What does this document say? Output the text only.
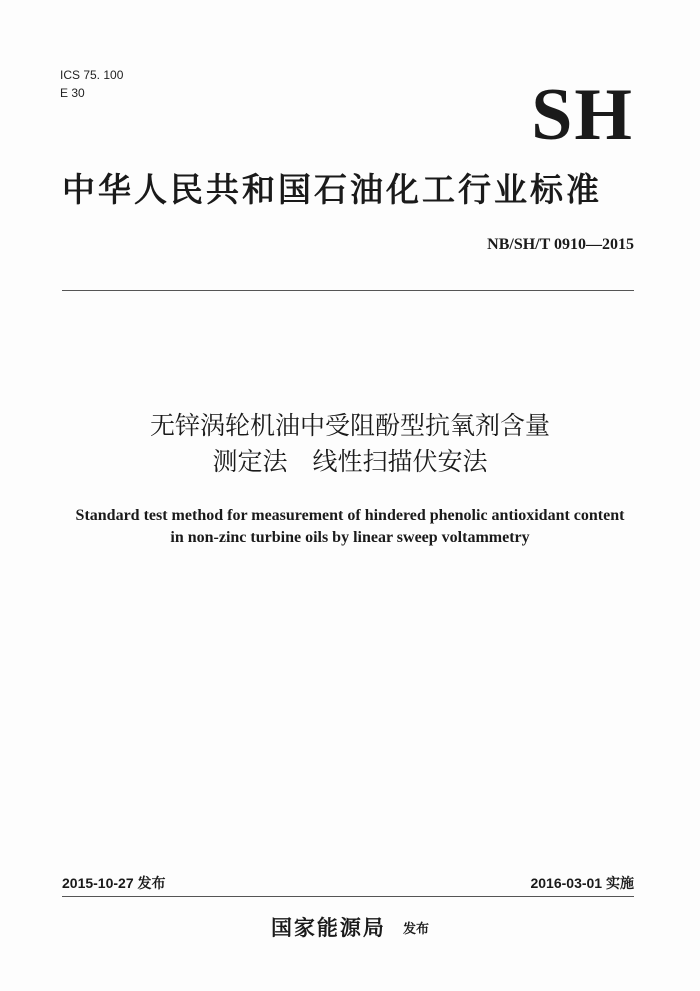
ICS 75. 100
E 30	SH
中华人民共和国石油化工行业标准
NB/SH/T 0910—2015
无锌涡轮机油中受阻酚型抗氧剂含量
测定法　线性扫描伏安法
Standard test method for measurement of hindered phenolic antioxidant content
in non-zinc turbine oils by linear sweep voltammetry
2015-10-27 发布	2016-03-01 实施
国家能源局 发布
